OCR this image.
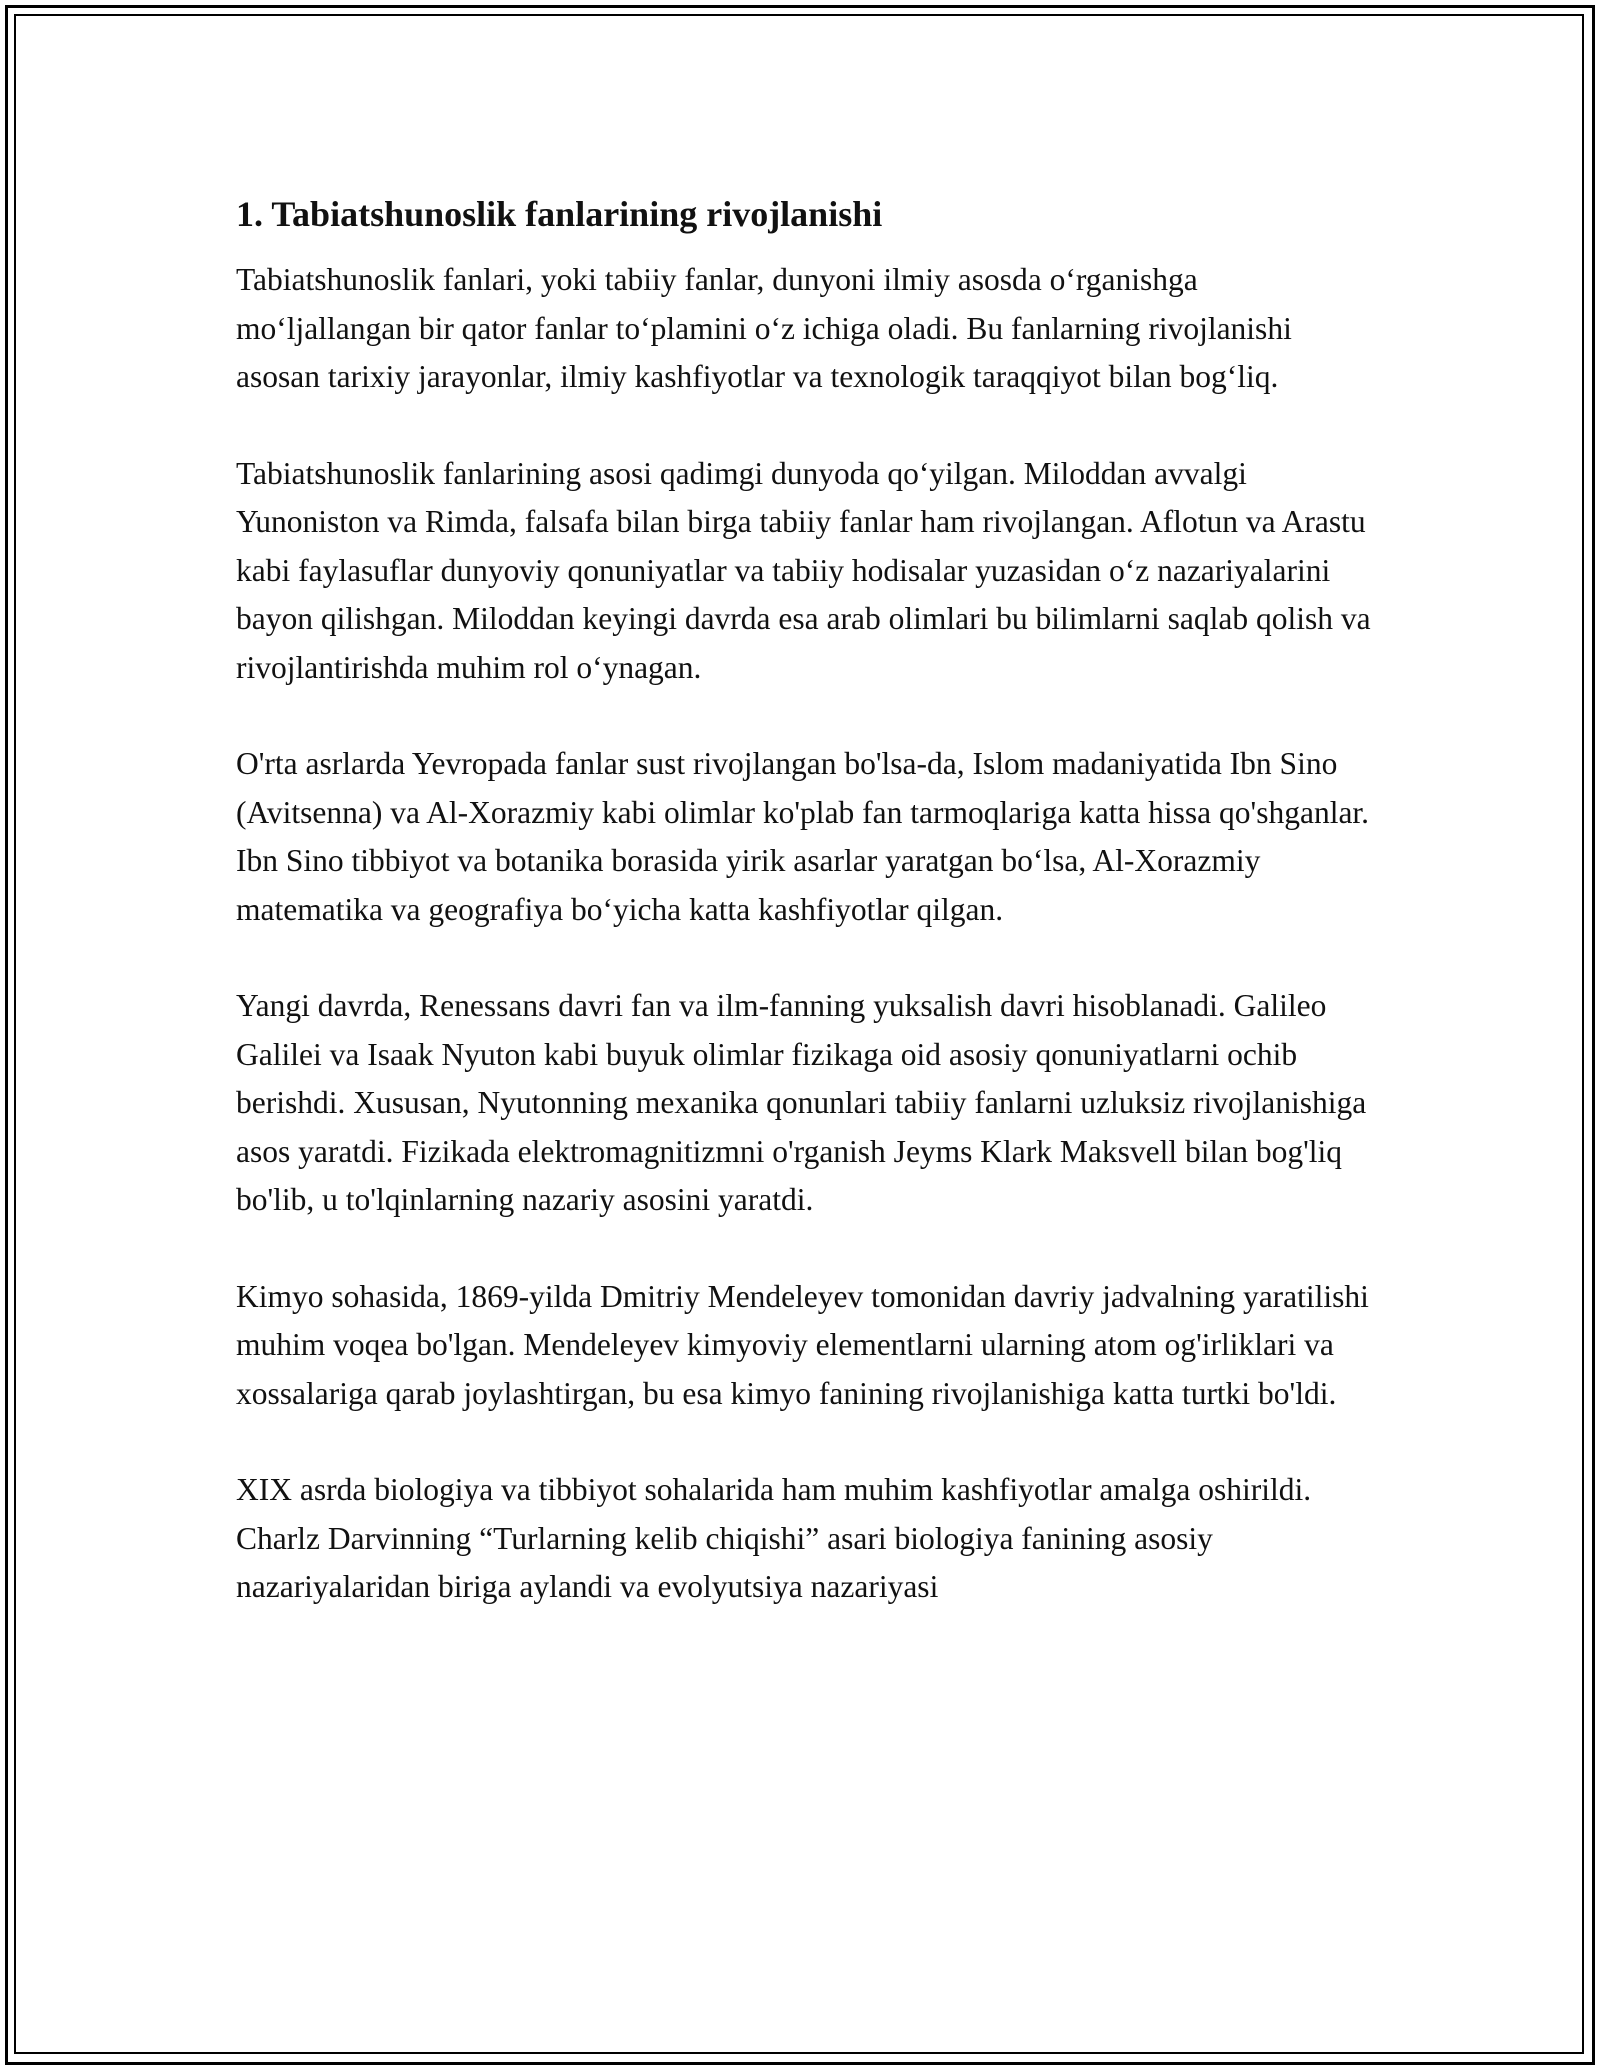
1. Tabiatshunoslik fanlarining rivojlanishi

Tabiatshunoslik fanlari, yoki tabiiy fanlar, dunyoni ilmiy asosda o‘rganishga mo‘ljallangan bir qator fanlar to‘plamini o‘z ichiga oladi. Bu fanlarning rivojlanishi asosan tarixiy jarayonlar, ilmiy kashfiyotlar va texnologik taraqqiyot bilan bog‘liq.

Tabiatshunoslik fanlarining asosi qadimgi dunyoda qo‘yilgan. Miloddan avvalgi Yunoniston va Rimda, falsafa bilan birga tabiiy fanlar ham rivojlangan. Aflotun va Arastu kabi faylasuflar dunyoviy qonuniyatlar va tabiiy hodisalar yuzasidan o‘z nazariyalarini bayon qilishgan. Miloddan keyingi davrda esa arab olimlari bu bilimlarni saqlab qolish va rivojlantirishda muhim rol o‘ynagan.

O'rta asrlarda Yevropada fanlar sust rivojlangan bo'lsa-da, Islom madaniyatida Ibn Sino (Avitsenna) va Al-Xorazmiy kabi olimlar ko'plab fan tarmoqlariga katta hissa qo'shganlar. Ibn Sino tibbiyot va botanika borasida yirik asarlar yaratgan bo‘lsa, Al-Xorazmiy matematika va geografiya bo‘yicha katta kashfiyotlar qilgan.

Yangi davrda, Renessans davri fan va ilm-fanning yuksalish davri hisoblanadi. Galileo Galilei va Isaak Nyuton kabi buyuk olimlar fizikaga oid asosiy qonuniyatlarni ochib berishdi. Xususan, Nyutonning mexanika qonunlari tabiiy fanlarni uzluksiz rivojlanishiga asos yaratdi. Fizikada elektromagnitizmni o'rganish Jeyms Klark Maksvell bilan bog'liq bo'lib, u to'lqinlarning nazariy asosini yaratdi.

Kimyo sohasida, 1869-yilda Dmitriy Mendeleyev tomonidan davriy jadvalning yaratilishi muhim voqea bo'lgan. Mendeleyev kimyoviy elementlarni ularning atom og'irliklari va xossalariga qarab joylashtirgan, bu esa kimyo fanining rivojlanishiga katta turtki bo'ldi.

XIX asrda biologiya va tibbiyot sohalarida ham muhim kashfiyotlar amalga oshirildi. Charlz Darvinning “Turlarning kelib chiqishi” asari biologiya fanining asosiy nazariyalaridan biriga aylandi va evolyutsiya nazariyasi
